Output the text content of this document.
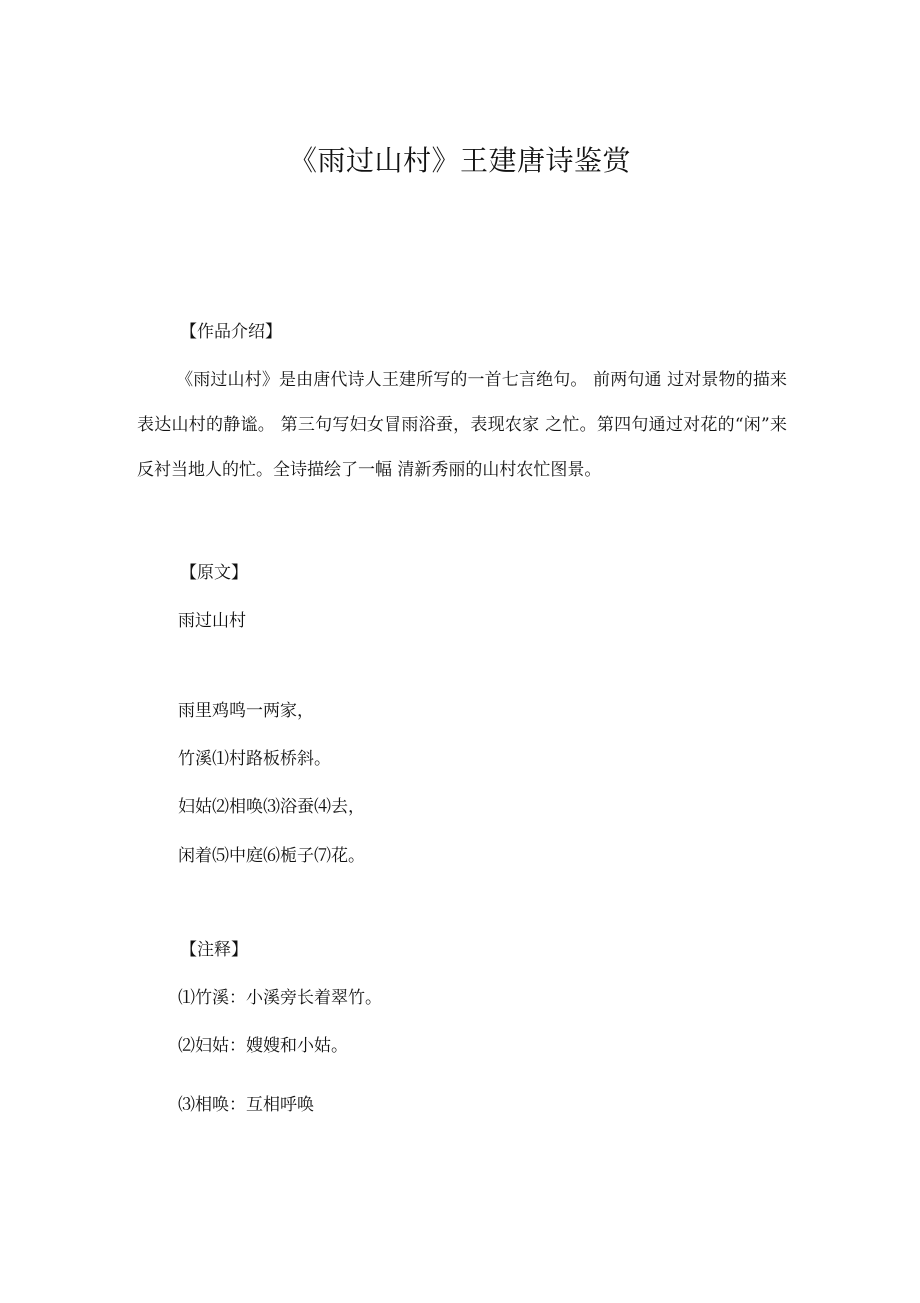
《雨过山村》王建唐诗鉴赏
【作品介绍】
《雨过山村》是由唐代诗人王建所写的一首七言绝句。 前两句通 过对景物的描来表达山村的静谧。 第三句写妇女冒雨浴蚕，表现农家 之忙。第四句通过对花的“闲”来反衬当地人的忙。全诗描绘了一幅 清新秀丽的山村农忙图景。
【原文】
雨过山村
雨里鸡鸣一两家，
竹溪⑴村路板桥斜。
妇姑⑵相唤⑶浴蚕⑷去，
闲着⑸中庭⑹栀子⑺花。
【注释】
⑴竹溪：小溪旁长着翠竹。
⑵妇姑：嫂嫂和小姑。
⑶相唤：互相呼唤
